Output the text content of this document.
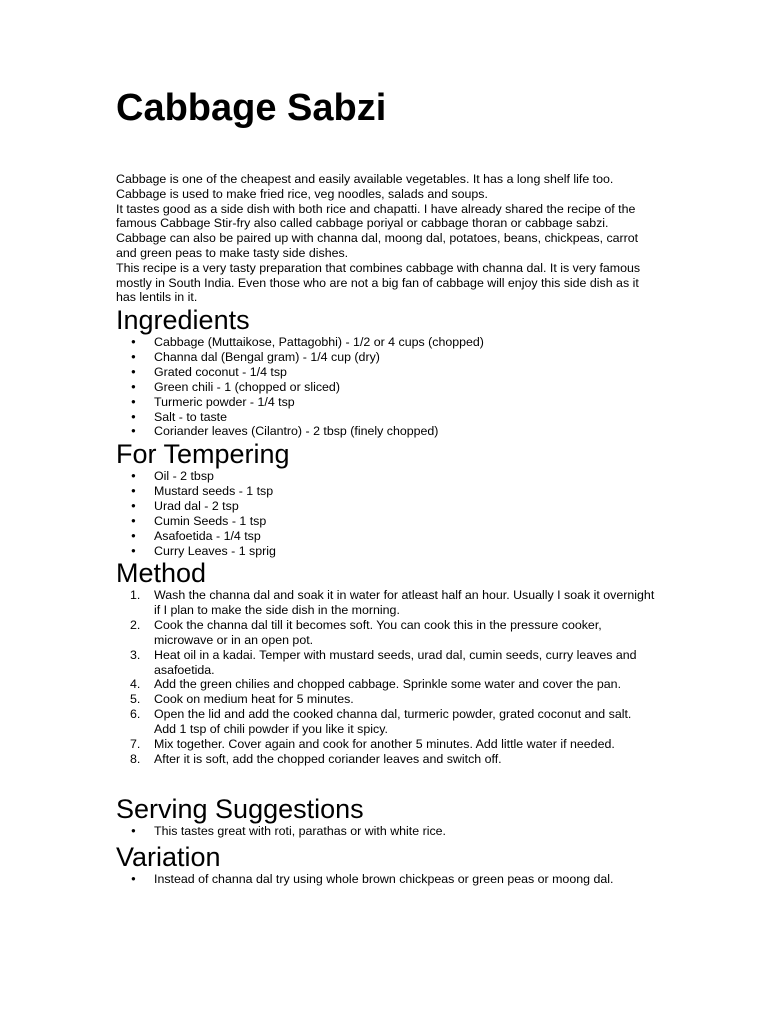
Cabbage Sabzi

Cabbage is one of the cheapest and easily available vegetables. It has a long shelf life too. Cabbage is used to make fried rice, veg noodles, salads and soups.

It tastes good as a side dish with both rice and chapatti. I have already shared the recipe of the famous Cabbage Stir-fry also called cabbage poriyal or cabbage thoran or cabbage sabzi. Cabbage can also be paired up with channa dal, moong dal, potatoes, beans, chickpeas, carrot and green peas to make tasty side dishes.

This recipe is a very tasty preparation that combines cabbage with channa dal. It is very famous mostly in South India. Even those who are not a big fan of cabbage will enjoy this side dish as it has lentils in it.

Ingredients
● Cabbage (Muttaikose, Pattagobhi) - 1/2 or 4 cups (chopped)
● Channa dal (Bengal gram) - 1/4 cup (dry)
● Grated coconut - 1/4 tsp
● Green chili - 1 (chopped or sliced)
● Turmeric powder - 1/4 tsp
● Salt - to taste
● Coriander leaves (Cilantro) - 2 tbsp (finely chopped)
For Tempering
● Oil - 2 tbsp
● Mustard seeds - 1 tsp
● Urad dal - 2 tsp
● Cumin Seeds - 1 tsp
● Asafoetida - 1/4 tsp
● Curry Leaves - 1 sprig
Method
1. Wash the channa dal and soak it in water for atleast half an hour. Usually I soak it overnight if I plan to make the side dish in the morning.
2. Cook the channa dal till it becomes soft. You can cook this in the pressure cooker, microwave or in an open pot.
3. Heat oil in a kadai. Temper with mustard seeds, urad dal, cumin seeds, curry leaves and asafoetida.
4. Add the green chilies and chopped cabbage. Sprinkle some water and cover the pan.
5. Cook on medium heat for 5 minutes.
6. Open the lid and add the cooked channa dal, turmeric powder, grated coconut and salt. Add 1 tsp of chili powder if you like it spicy.
7. Mix together. Cover again and cook for another 5 minutes. Add little water if needed.
8. After it is soft, add the chopped coriander leaves and switch off.
Serving Suggestions
● This tastes great with roti, parathas or with white rice.
Variation
● Instead of channa dal try using whole brown chickpeas or green peas or moong dal.
